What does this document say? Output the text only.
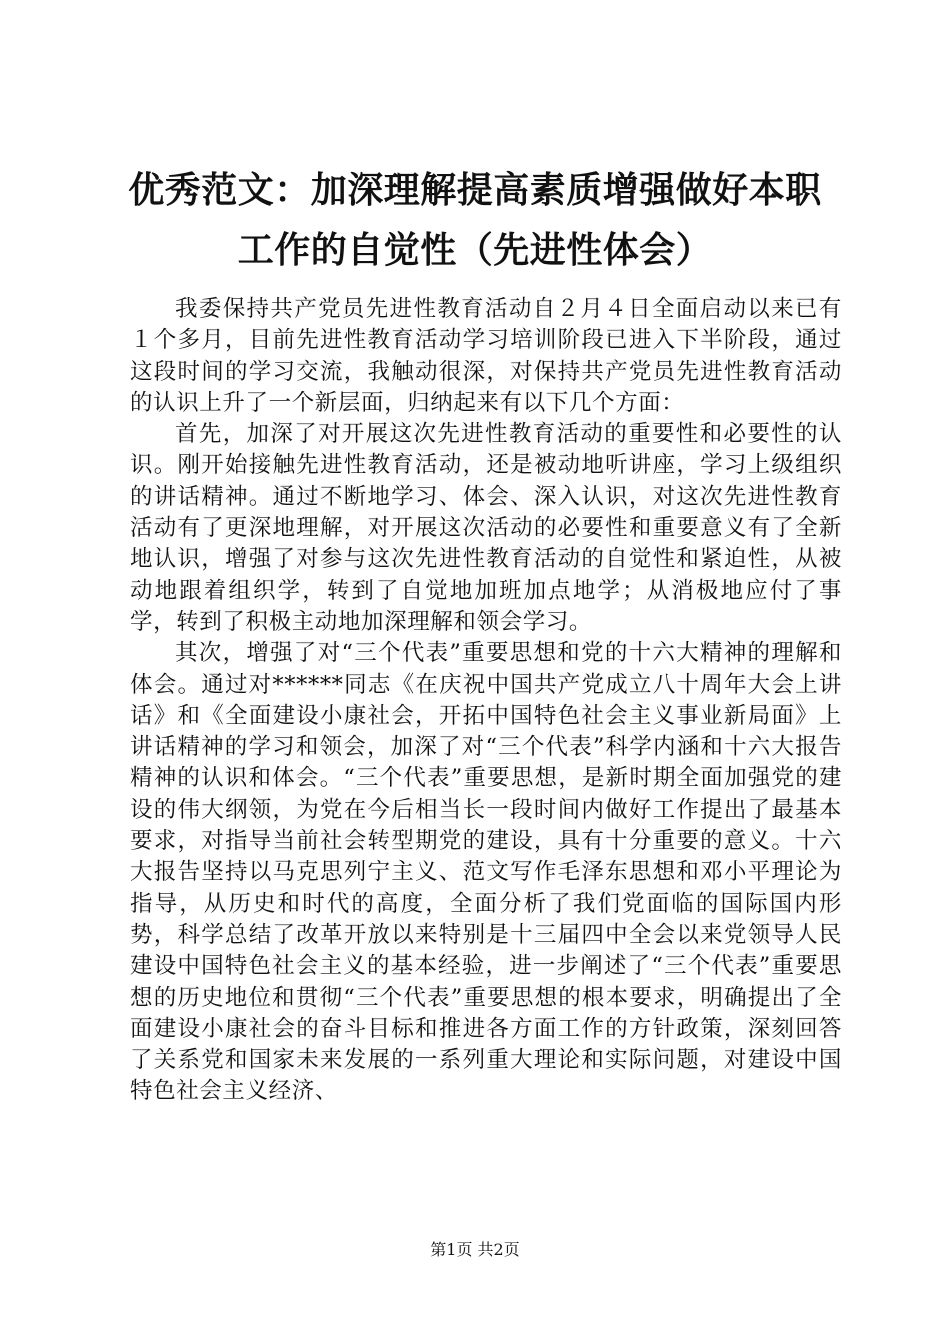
优秀范文：加深理解提高素质增强做好本职工作的自觉性（先进性体会）

我委保持共产党员先进性教育活动自２月４日全面启动以来已有１个多月，目前先进性教育活动学习培训阶段已进入下半阶段，通过这段时间的学习交流，我触动很深，对保持共产党员先进性教育活动的认识上升了一个新层面，归纳起来有以下几个方面：

首先，加深了对开展这次先进性教育活动的重要性和必要性的认识。刚开始接触先进性教育活动，还是被动地听讲座，学习上级组织的讲话精神。通过不断地学习、体会、深入认识，对这次先进性教育活动有了更深地理解，对开展这次活动的必要性和重要意义有了全新地认识，增强了对参与这次先进性教育活动的自觉性和紧迫性，从被动地跟着组织学，转到了自觉地加班加点地学；从消极地应付了事学，转到了积极主动地加深理解和领会学习。

其次，增强了对“三个代表”重要思想和党的十六大精神的理解和体会。通过对******同志《在庆祝中国共产党成立八十周年大会上讲话》和《全面建设小康社会，开拓中国特色社会主义事业新局面》上讲话精神的学习和领会，加深了对“三个代表”科学内涵和十六大报告精神的认识和体会。“三个代表”重要思想，是新时期全面加强党的建设的伟大纲领，为党在今后相当长一段时间内做好工作提出了最基本要求，对指导当前社会转型期党的建设，具有十分重要的意义。十六大报告坚持以马克思列宁主义、范文写作毛泽东思想和邓小平理论为指导，从历史和时代的高度，全面分析了我们党面临的国际国内形势，科学总结了改革开放以来特别是十三届四中全会以来党领导人民建设中国特色社会主义的基本经验，进一步阐述了“三个代表”重要思想的历史地位和贯彻“三个代表”重要思想的根本要求，明确提出了全面建设小康社会的奋斗目标和推进各方面工作的方针政策，深刻回答了关系党和国家未来发展的一系列重大理论和实际问题，对建设中国特色社会主义经济、

第1页 共2页
